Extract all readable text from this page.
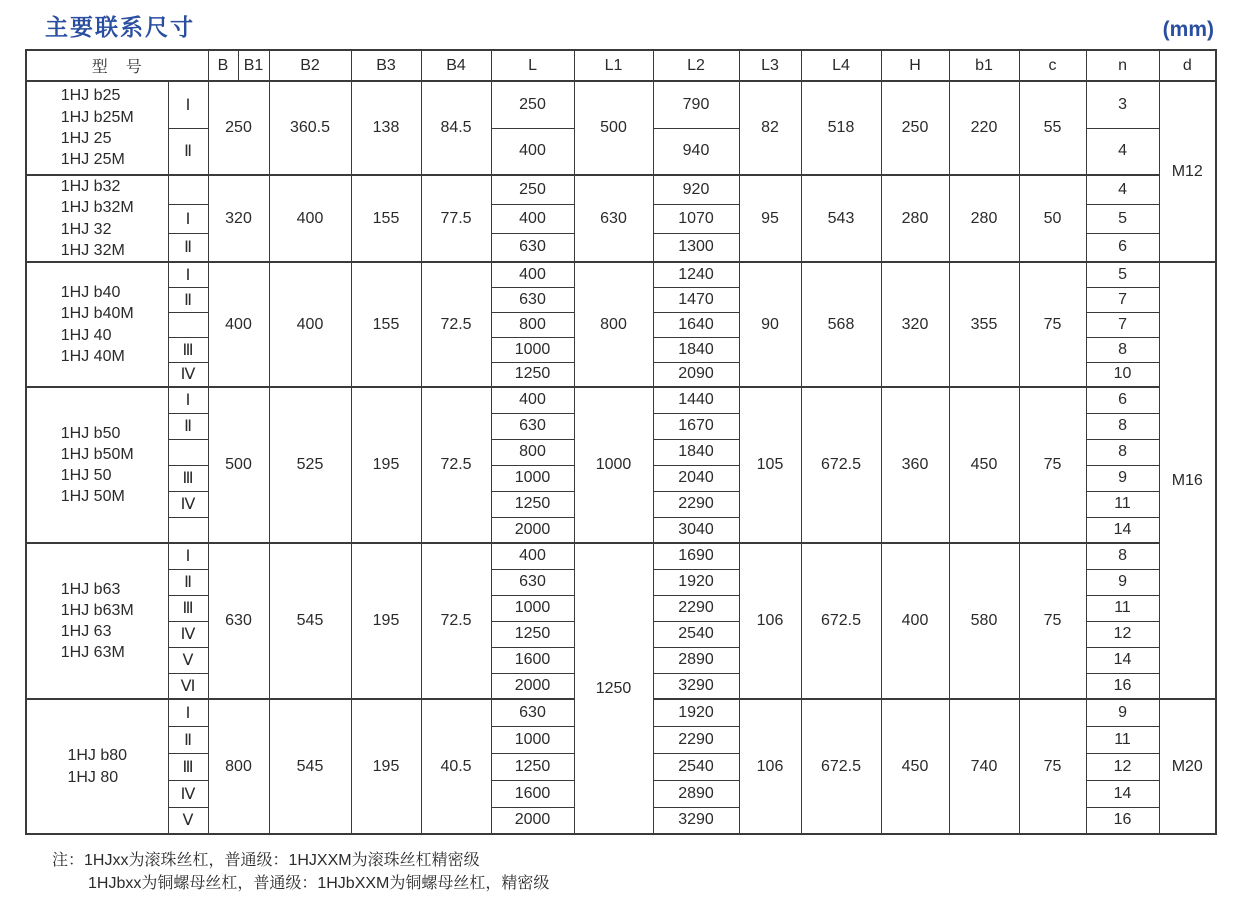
主要联系尺寸	(mm)
型　号		B	B1	B2	B3	B4	L	L1	L2	L3	L4	H	b1	c	n	d

1HJ b25
1HJ b25M
1HJ 25
1HJ 25M	Ⅰ	250		360.5	138	84.5	250	500	790	82	518	250	220	55	3	M12
	Ⅱ						400		940						4	

1HJ b32
1HJ b32M
1HJ 32
1HJ 32M		320		400	155	77.5	250	630	920	95	543	280	280	50	4	
	Ⅰ						400		1070						5	
	Ⅱ						630		1300						6	

1HJ b40
1HJ b40M
1HJ 40
1HJ 40M	Ⅰ	400		400	155	72.5	400	800	1240	90	568	320	355	75	5	M16
	Ⅱ						630		1470						7	
							800		1640						7	
	Ⅲ						1000		1840						8	
	Ⅳ						1250		2090						10	

1HJ b50
1HJ b50M
1HJ 50
1HJ 50M	Ⅰ	500		525	195	72.5	400	1000	1440	105	672.5	360	450	75	6	
	Ⅱ						630		1670						8	
							800		1840						8	
	Ⅲ						1000		2040						9	
	Ⅳ						1250		2290						11	
							2000		3040						14	

1HJ b63
1HJ b63M
1HJ 63
1HJ 63M	Ⅰ	630		545	195	72.5	400	1250	1690	106	672.5	400	580	75	8	
	Ⅱ						630		1920						9	
	Ⅲ						1000		2290						11	
	Ⅳ						1250		2540						12	
	Ⅴ						1600		2890						14	
	Ⅵ						2000		3290						16	

1HJ b80
1HJ 80	Ⅰ	800		545	195	40.5	630		1920	106	672.5	450	740	75	9	M20
	Ⅱ						1000		2290						11	
	Ⅲ						1250		2540						12	
	Ⅳ						1600		2890						14	
	Ⅴ						2000		3290						16	
注：1HJxx为滚珠丝杠，普通级：1HJXXM为滚珠丝杠精密级
1HJbxx为铜螺母丝杠，普通级：1HJbXXM为铜螺母丝杠，精密级
